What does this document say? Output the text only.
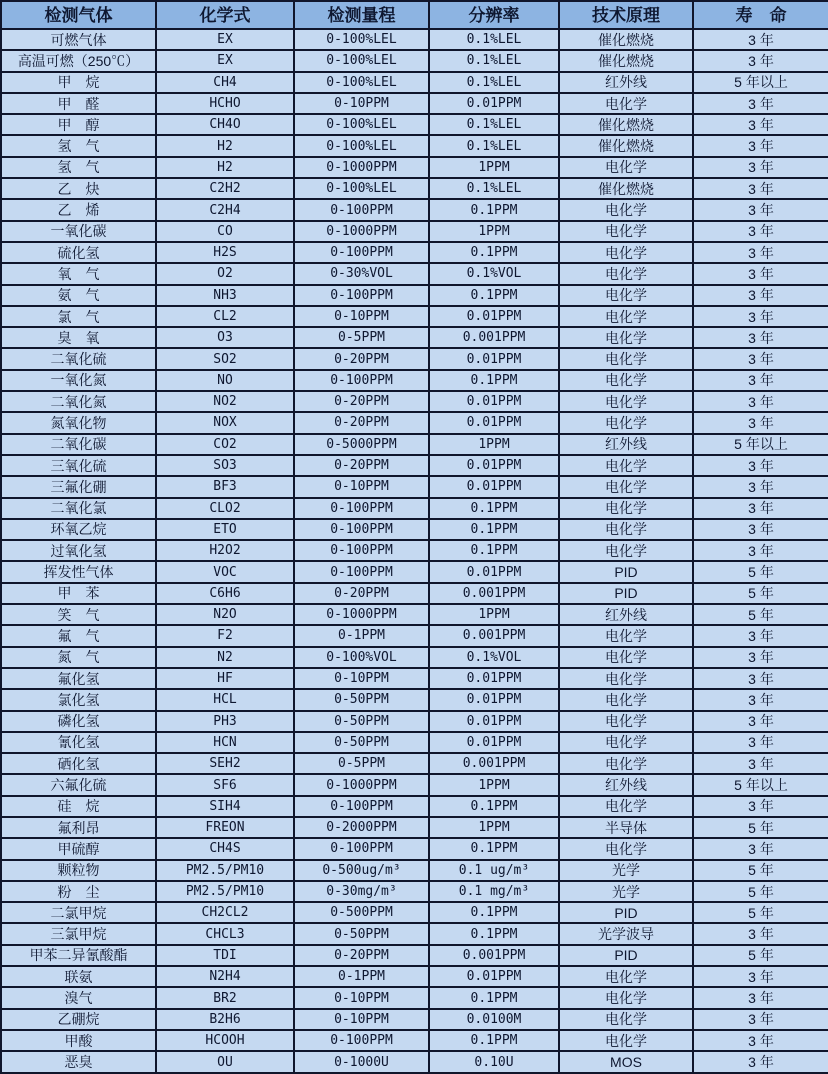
检测气体	化学式	检测量程	分辨率	技术原理	寿　命
可燃气体	EX	0-100%LEL	0.1%LEL	催化燃烧	3 年
高温可燃（250℃）	EX	0-100%LEL	0.1%LEL	催化燃烧	3 年
甲　烷	CH4	0-100%LEL	0.1%LEL	红外线	5 年以上
甲　醛	HCHO	0-10PPM	0.01PPM	电化学	3 年
甲　醇	CH4O	0-100%LEL	0.1%LEL	催化燃烧	3 年
氢　气	H2	0-100%LEL	0.1%LEL	催化燃烧	3 年
氢　气	H2	0-1000PPM	1PPM	电化学	3 年
乙　炔	C2H2	0-100%LEL	0.1%LEL	催化燃烧	3 年
乙　烯	C2H4	0-100PPM	0.1PPM	电化学	3 年
一氧化碳	CO	0-1000PPM	1PPM	电化学	3 年
硫化氢	H2S	0-100PPM	0.1PPM	电化学	3 年
氧　气	O2	0-30%VOL	0.1%VOL	电化学	3 年
氨　气	NH3	0-100PPM	0.1PPM	电化学	3 年
氯　气	CL2	0-10PPM	0.01PPM	电化学	3 年
臭　氧	O3	0-5PPM	0.001PPM	电化学	3 年
二氧化硫	SO2	0-20PPM	0.01PPM	电化学	3 年
一氧化氮	NO	0-100PPM	0.1PPM	电化学	3 年
二氧化氮	NO2	0-20PPM	0.01PPM	电化学	3 年
氮氧化物	NOX	0-20PPM	0.01PPM	电化学	3 年
二氧化碳	CO2	0-5000PPM	1PPM	红外线	5 年以上
三氧化硫	SO3	0-20PPM	0.01PPM	电化学	3 年
三氟化硼	BF3	0-10PPM	0.01PPM	电化学	3 年
二氧化氯	CLO2	0-100PPM	0.1PPM	电化学	3 年
环氧乙烷	ETO	0-100PPM	0.1PPM	电化学	3 年
过氧化氢	H2O2	0-100PPM	0.1PPM	电化学	3 年
挥发性气体	VOC	0-100PPM	0.01PPM	PID	5 年
甲　苯	C6H6	0-20PPM	0.001PPM	PID	5 年
笑　气	N2O	0-1000PPM	1PPM	红外线	5 年
氟　气	F2	0-1PPM	0.001PPM	电化学	3 年
氮　气	N2	0-100%VOL	0.1%VOL	电化学	3 年
氟化氢	HF	0-10PPM	0.01PPM	电化学	3 年
氯化氢	HCL	0-50PPM	0.01PPM	电化学	3 年
磷化氢	PH3	0-50PPM	0.01PPM	电化学	3 年
氰化氢	HCN	0-50PPM	0.01PPM	电化学	3 年
硒化氢	SEH2	0-5PPM	0.001PPM	电化学	3 年
六氟化硫	SF6	0-1000PPM	1PPM	红外线	5 年以上
硅　烷	SIH4	0-100PPM	0.1PPM	电化学	3 年
氟利昂	FREON	0-2000PPM	1PPM	半导体	5 年
甲硫醇	CH4S	0-100PPM	0.1PPM	电化学	3 年
颗粒物	PM2.5/PM10	0-500ug/m³	0.1 ug/m³	光学	5 年
粉　尘	PM2.5/PM10	0-30mg/m³	0.1 mg/m³	光学	5 年
二氯甲烷	CH2CL2	0-500PPM	0.1PPM	PID	5 年
三氯甲烷	CHCL3	0-50PPM	0.1PPM	光学波导	3 年
甲苯二异氰酸酯	TDI	0-20PPM	0.001PPM	PID	5 年
联氨	N2H4	0-1PPM	0.01PPM	电化学	3 年
溴气	BR2	0-10PPM	0.1PPM	电化学	3 年
乙硼烷	B2H6	0-10PPM	0.0100M	电化学	3 年
甲酸	HCOOH	0-100PPM	0.1PPM	电化学	3 年
恶臭	OU	0-1000U	0.10U	MOS	3 年
